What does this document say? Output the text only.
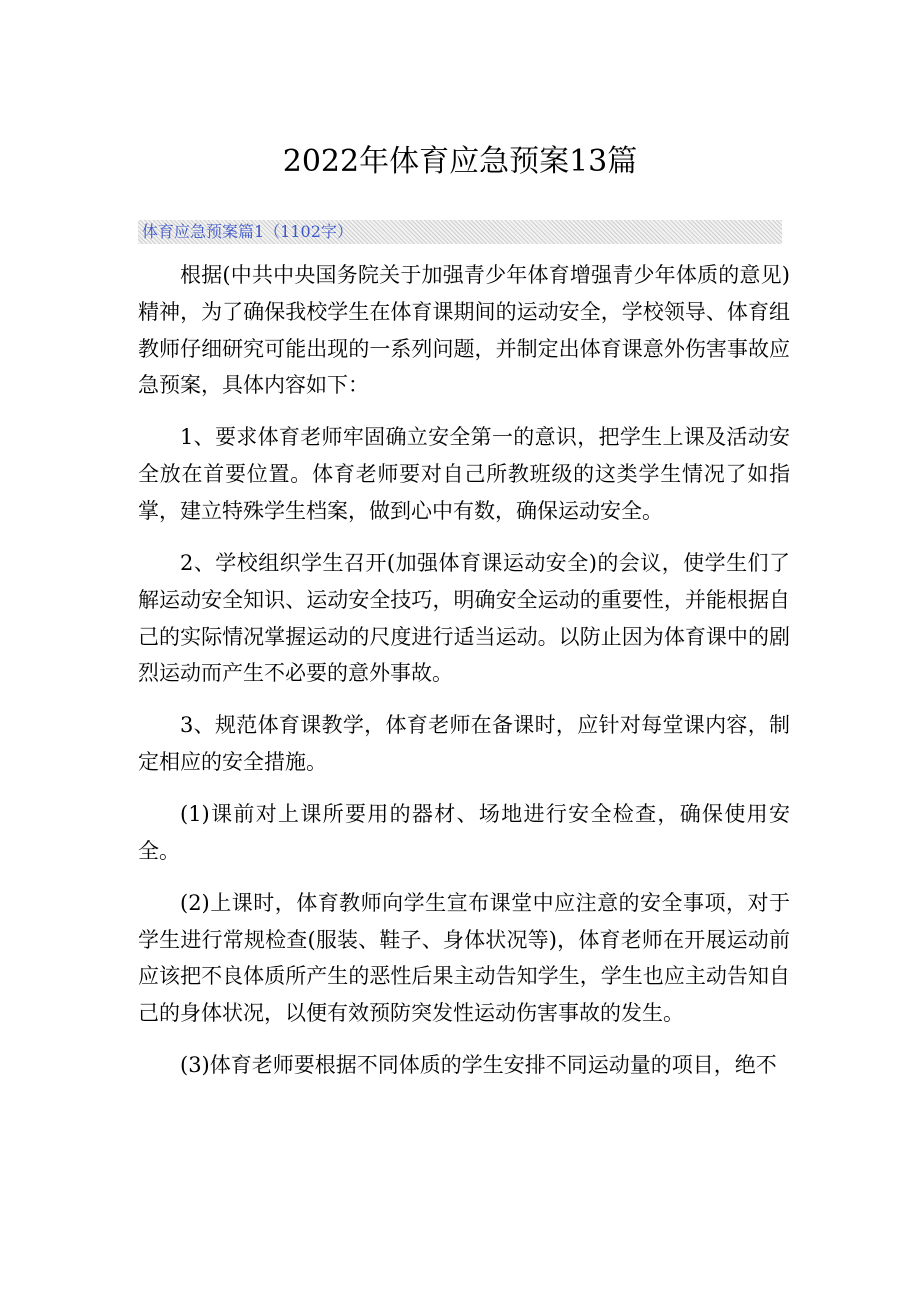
2022年体育应急预案13篇
体育应急预案篇1（1102字）

根据(中共中央国务院关于加强青少年体育增强青少年体质的意见)精神，为了确保我校学生在体育课期间的运动安全，学校领导、体育组教师仔细研究可能出现的一系列问题，并制定出体育课意外伤害事故应急预案，具体内容如下：

1、要求体育老师牢固确立安全第一的意识，把学生上课及活动安全放在首要位置。体育老师要对自己所教班级的这类学生情况了如指掌，建立特殊学生档案，做到心中有数，确保运动安全。

2、学校组织学生召开(加强体育课运动安全)的会议，使学生们了解运动安全知识、运动安全技巧，明确安全运动的重要性，并能根据自己的实际情况掌握运动的尺度进行适当运动。以防止因为体育课中的剧烈运动而产生不必要的意外事故。

3、规范体育课教学，体育老师在备课时，应针对每堂课内容，制定相应的安全措施。

(1)课前对上课所要用的器材、场地进行安全检查，确保使用安全。

(2)上课时，体育教师向学生宣布课堂中应注意的安全事项，对于学生进行常规检查(服装、鞋子、身体状况等)，体育老师在开展运动前应该把不良体质所产生的恶性后果主动告知学生，学生也应主动告知自己的身体状况，以便有效预防突发性运动伤害事故的发生。

(3)体育老师要根据不同体质的学生安排不同运动量的项目，绝不
